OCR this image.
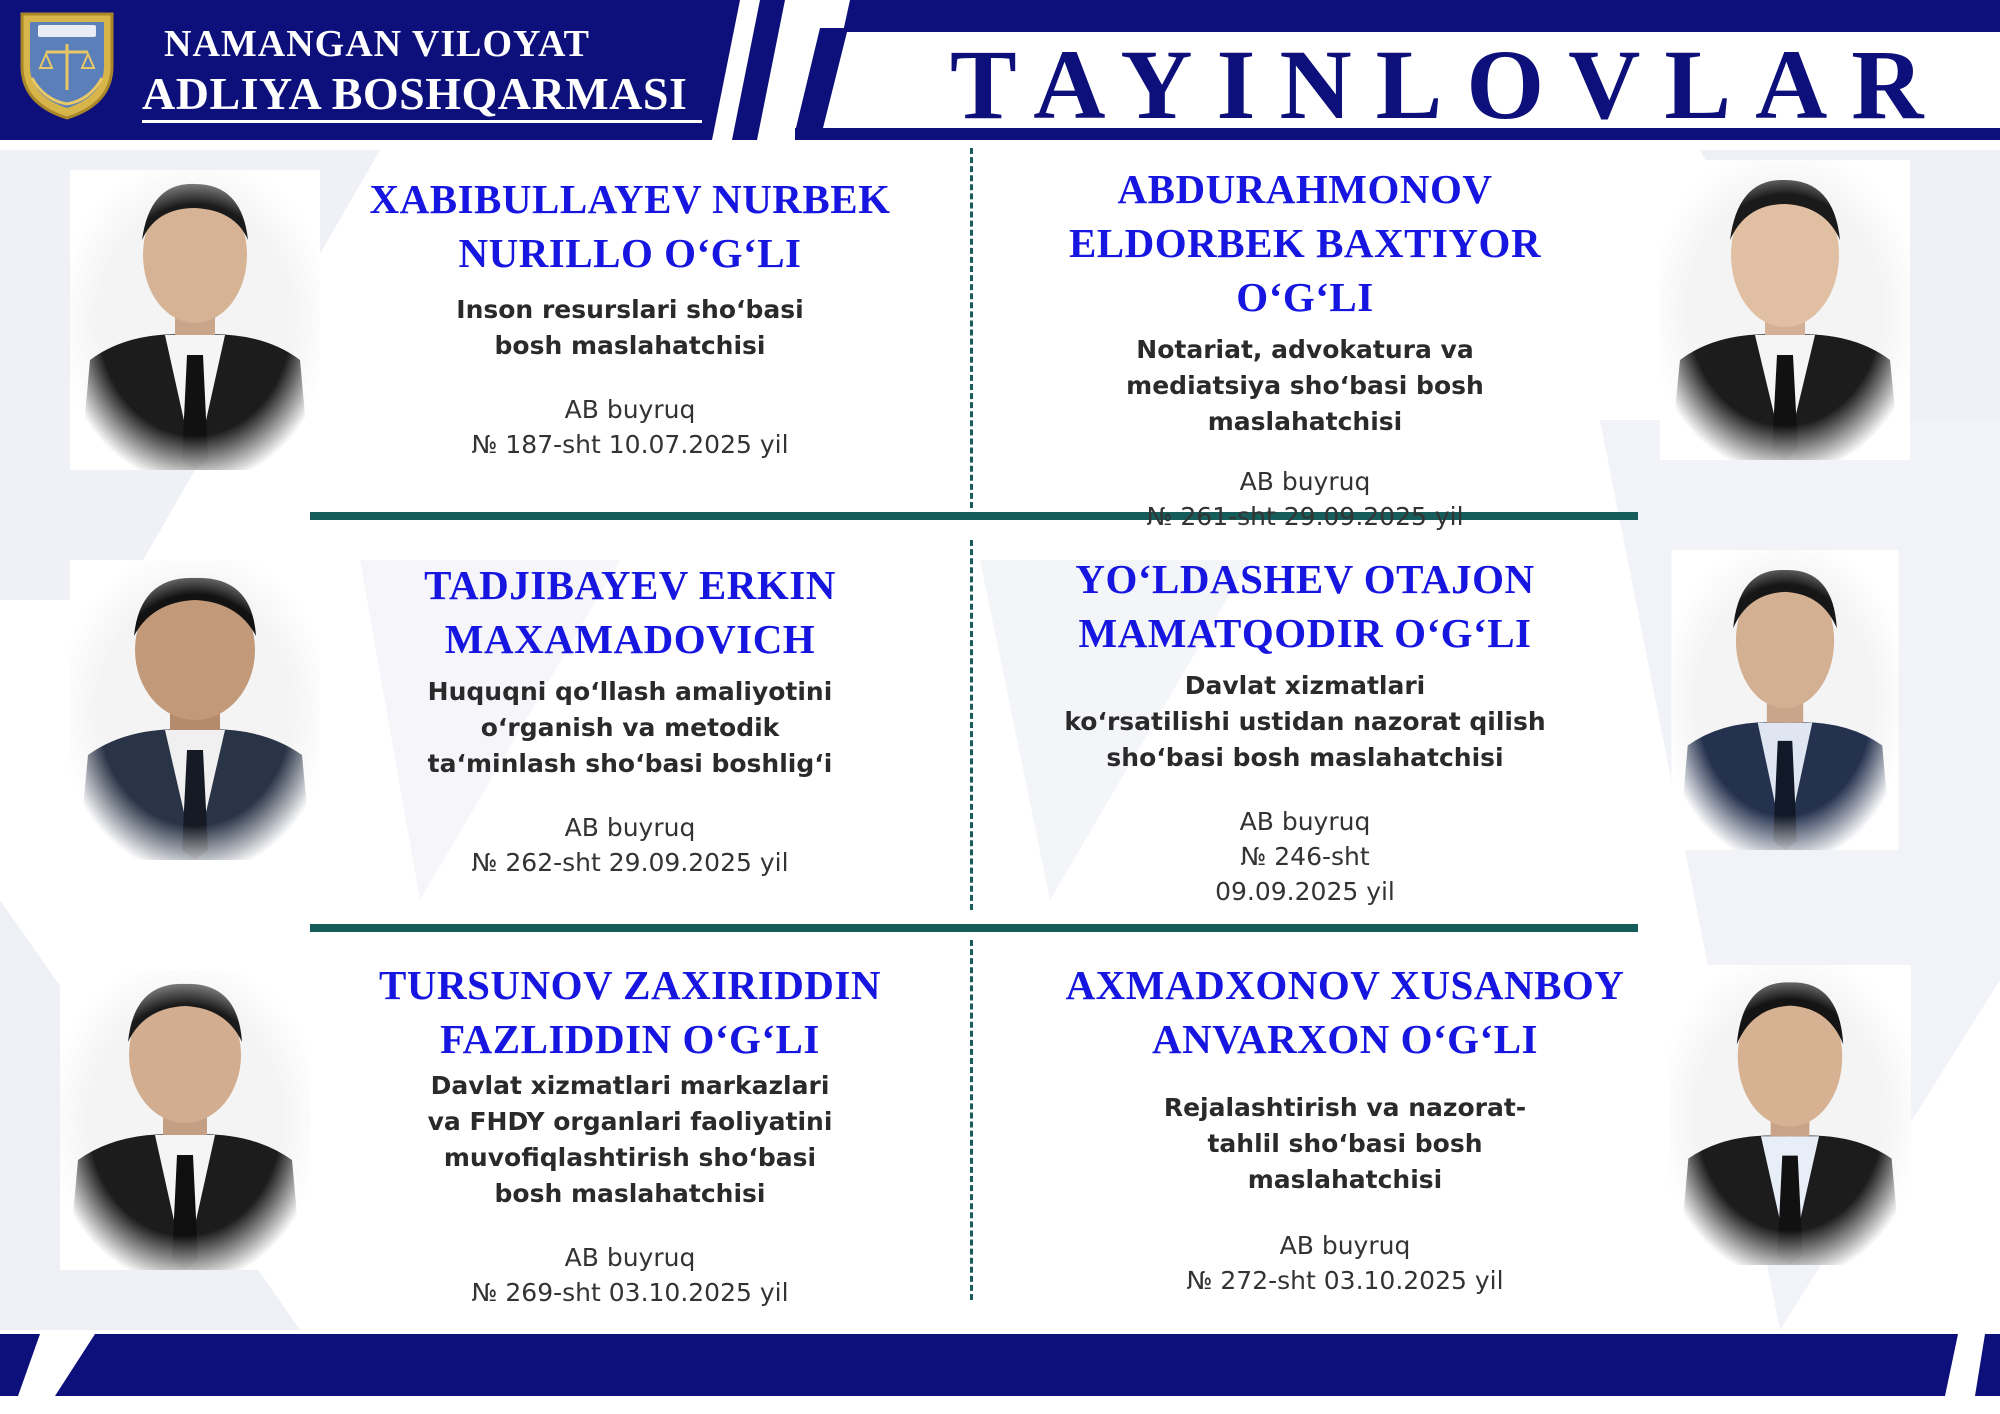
NAMANGAN VILOYAT
ADLIYA BOSHQARMASI	TAYINLOVLAR
XABIBULLAYEV NURBEK
NURILLO O‘G‘LI
Inson resurslari sho‘basi
bosh maslahatchisi
AB buyruq
№ 187-sht 10.07.2025 yil
ABDURAHMONOV
ELDORBEK BAXTIYOR O‘G‘LI
Notariat, advokatura va
mediatsiya sho‘basi bosh
maslahatchisi
AB buyruq
№ 261-sht 29.09.2025 yil
TADJIBAYEV ERKIN
MAXAMADOVICH
Huquqni qo‘llash amaliyotini
o‘rganish va metodik
ta‘minlash sho‘basi boshlig‘i
AB buyruq
№ 262-sht 29.09.2025 yil
YO‘LDASHEV OTAJON
MAMATQODIR O‘G‘LI
Davlat xizmatlari
ko‘rsatilishi ustidan nazorat qilish
sho‘basi bosh maslahatchisi
AB buyruq
№ 246-sht
09.09.2025 yil
TURSUNOV ZAXIRIDDIN
FAZLIDDIN O‘G‘LI
Davlat xizmatlari markazlari
va FHDY organlari faoliyatini
muvofiqlashtirish sho‘basi
bosh maslahatchisi
AB buyruq
№ 269-sht 03.10.2025 yil
AXMADXONOV XUSANBOY
ANVARXON O‘G‘LI
Rejalashtirish va nazorat-
tahlil sho‘basi bosh
maslahatchisi
AB buyruq
№ 272-sht 03.10.2025 yil
